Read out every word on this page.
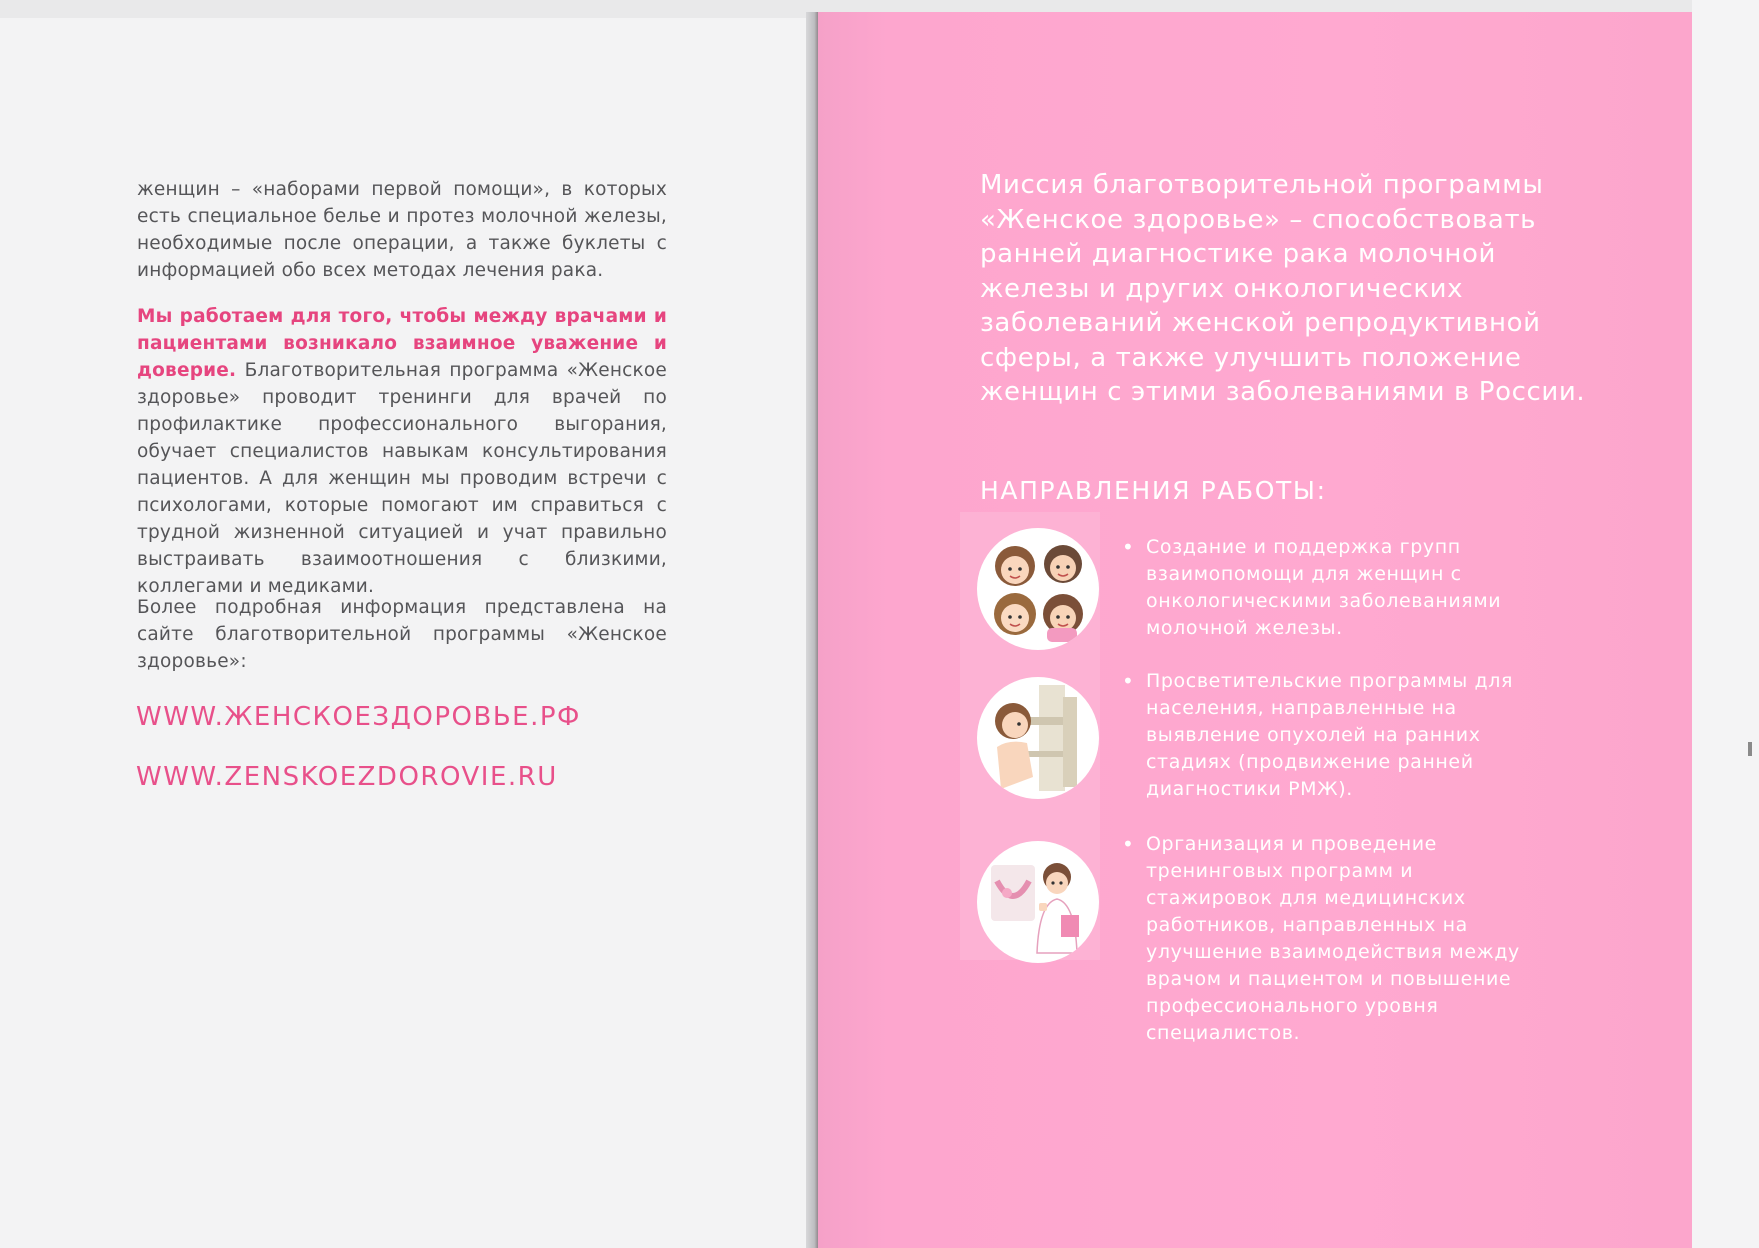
женщин – «наборами первой помощи», в которых есть специальное белье и протез молочной железы, необходимые после операции, а также буклеты с информацией обо всех методах лечения рака.
Мы работаем для того, чтобы между врачами и пациентами возникало взаимное уважение и доверие. Благотворительная программа «Женское здоровье» проводит тренинги для врачей по профилактике профессионального выгорания, обучает специалистов навыкам консультирования пациентов. А для женщин мы проводим встречи с психологами, которые помогают им справиться с трудной жизненной ситуацией и учат правильно выстраивать взаимоотношения с близкими, коллегами и медиками.
Более подробная информация представлена на сайте благотворительной программы «Женское здоровье»:
WWW.ЖЕНСКОЕЗДОРОВЬЕ.РФ
WWW.ZENSKOEZDOROVIE.RU
Миссия благотворительной программы «Женское здоровье» – способствовать ранней диагностике рака молочной железы и других онкологических заболеваний женской репродуктивной сферы, а также улучшить положение женщин с этими заболеваниями в России.
НАПРАВЛЕНИЯ РАБОТЫ:
• Создание и поддержка групп взаимопомощи для женщин с онкологическими заболеваниями молочной железы.
• Просветительские программы для населения, направленные на выявление опухолей на ранних стадиях (продвижение ранней диагностики РМЖ).
• Организация и проведение тренинговых программ и стажировок для медицинских работников, направленных на улучшение взаимодействия между врачом и пациентом и повышение профессионального уровня специалистов.
